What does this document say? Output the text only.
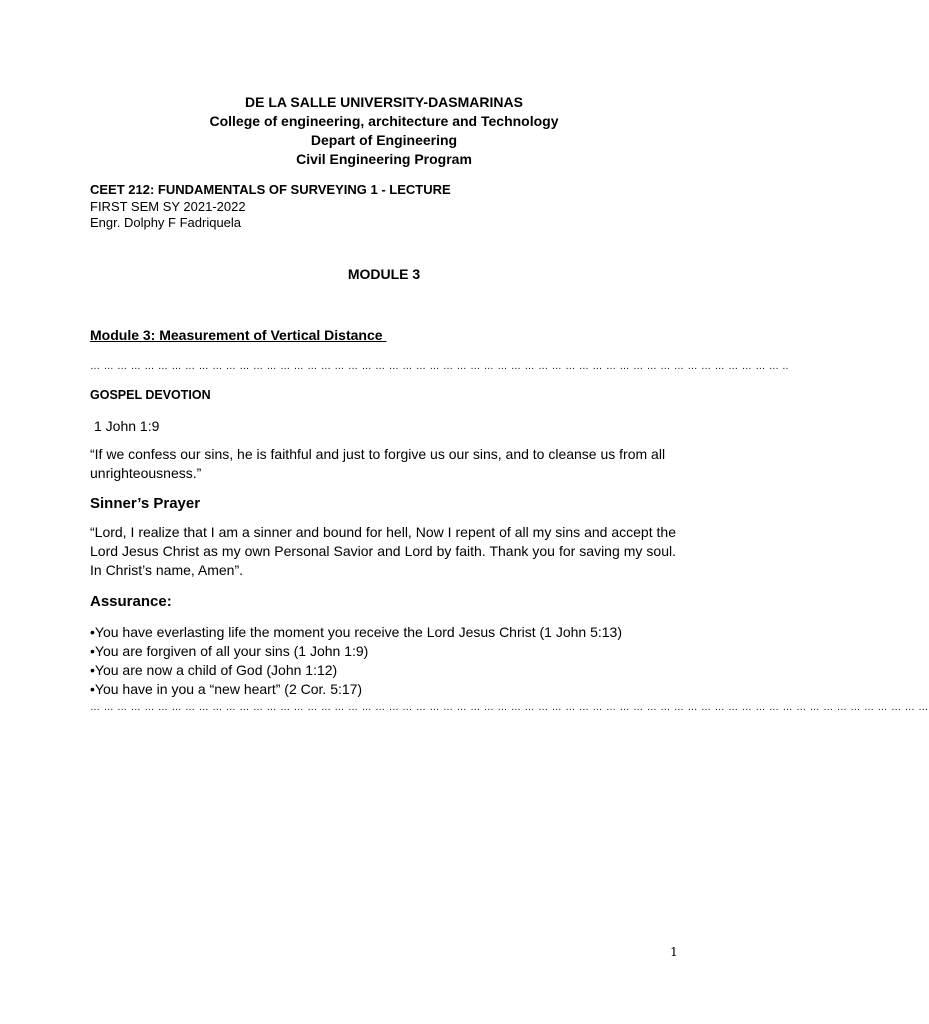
DE LA SALLE UNIVERSITY-DASMARINAS
College of engineering, architecture and Technology
Depart of Engineering
Civil Engineering Program
CEET 212: FUNDAMENTALS OF SURVEYING 1 - LECTURE
FIRST SEM SY 2021-2022
Engr. Dolphy F Fadriquela
MODULE 3
Module 3: Measurement of Vertical Distance
… … … … … … … … … … … … … … … … … … … … … … … … … … … … … … … … … … … … … … … … … … … … … … … … … … … ..
GOSPEL DEVOTION
1 John 1:9
“If we confess our sins, he is faithful and just to forgive us our sins, and to cleanse us from all unrighteousness.”
Sinner’s Prayer
“Lord, I realize that I am a sinner and bound for hell, Now I repent of all my sins and accept the Lord Jesus Christ as my own Personal Savior and Lord by faith. Thank you for saving my soul. In Christ’s name, Amen”.
Assurance:
•You have everlasting life the moment you receive the Lord Jesus Christ (1 John 5:13)
•You are forgiven of all your sins (1 John 1:9)
•You are now a child of God (John 1:12)
•You have in you a “new heart” (2 Cor. 5:17)
… … … … … … … … … … … … … … … … … … … … … … … … … … … … … … … … … … … … … … … … … … … … … … … … … … … … … … … … … … … … … …
1
